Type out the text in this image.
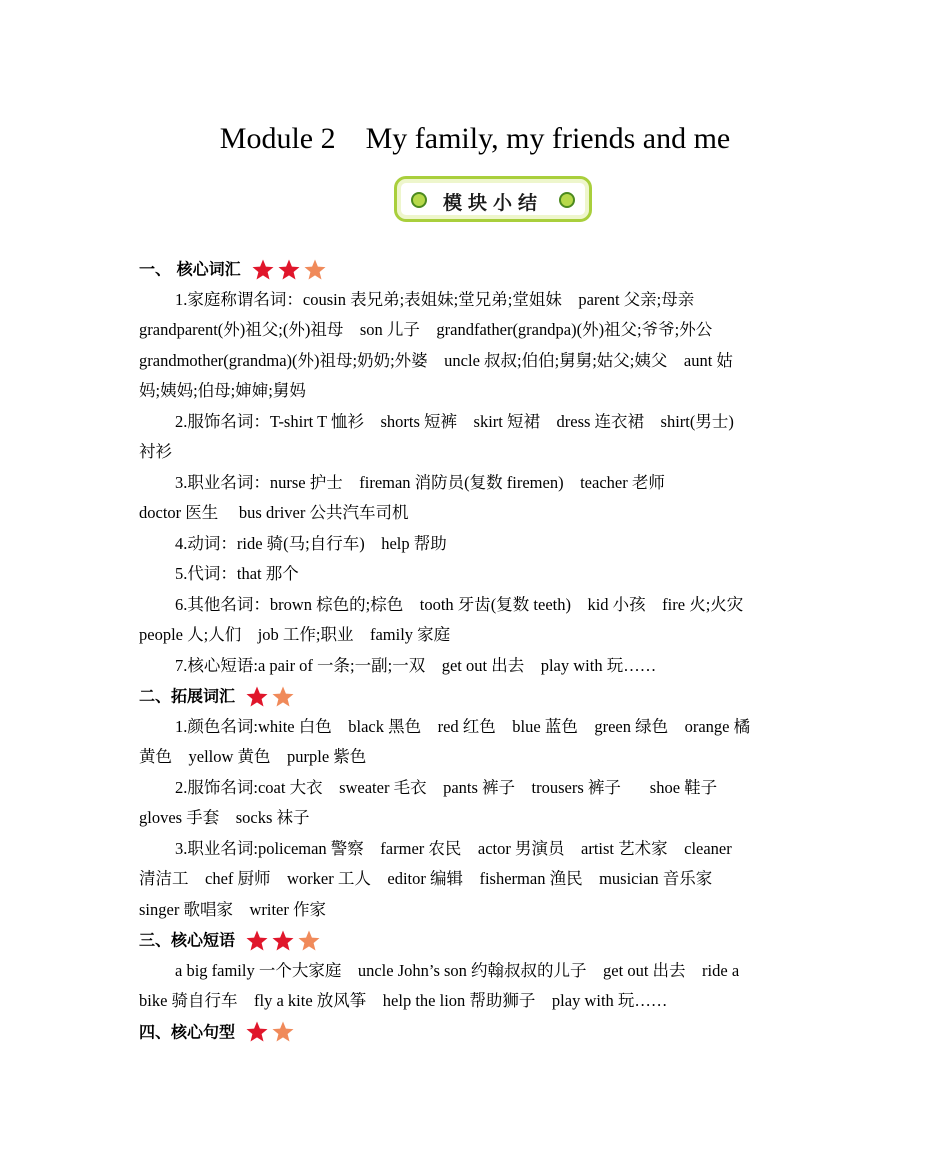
Module 2    My family, my friends and me
模块小结
一、 核心词汇
1.家庭称谓名词：cousin 表兄弟;表姐妹;堂兄弟;堂姐妹    parent 父亲;母亲
grandparent(外)祖父;(外)祖母    son 儿子    grandfather(grandpa)(外)祖父;爷爷;外公
grandmother(grandma)(外)祖母;奶奶;外婆    uncle 叔叔;伯伯;舅舅;姑父;姨父    aunt 姑
妈;姨妈;伯母;婶婶;舅妈
2.服饰名词：T-shirt T 恤衫    shorts 短裤    skirt 短裙    dress 连衣裙    shirt(男士)
衬衫
3.职业名词：nurse 护士    fireman 消防员(复数 firemen)    teacher 老师
doctor 医生     bus driver 公共汽车司机
4.动词：ride 骑(马;自行车)    help 帮助
5.代词：that 那个
6.其他名词：brown 棕色的;棕色    tooth 牙齿(复数 teeth)    kid 小孩    fire 火;火灾
people 人;人们    job 工作;职业    family 家庭
7.核心短语:a pair of 一条;一副;一双    get out 出去    play with 玩……
二、拓展词汇
1.颜色名词:white 白色    black 黑色    red 红色    blue 蓝色    green 绿色    orange 橘
黄色    yellow 黄色    purple 紫色
2.服饰名词:coat 大衣    sweater 毛衣    pants 裤子    trousers 裤子       shoe 鞋子
gloves 手套    socks 袜子
3.职业名词:policeman 警察    farmer 农民    actor 男演员    artist 艺术家    cleaner
清洁工    chef 厨师    worker 工人    editor 编辑    fisherman 渔民    musician 音乐家
singer 歌唱家    writer 作家
三、核心短语
a big family 一个大家庭    uncle John’s son 约翰叔叔的儿子    get out 出去    ride a
bike 骑自行车    fly a kite 放风筝    help the lion 帮助狮子    play with 玩……
四、核心句型
